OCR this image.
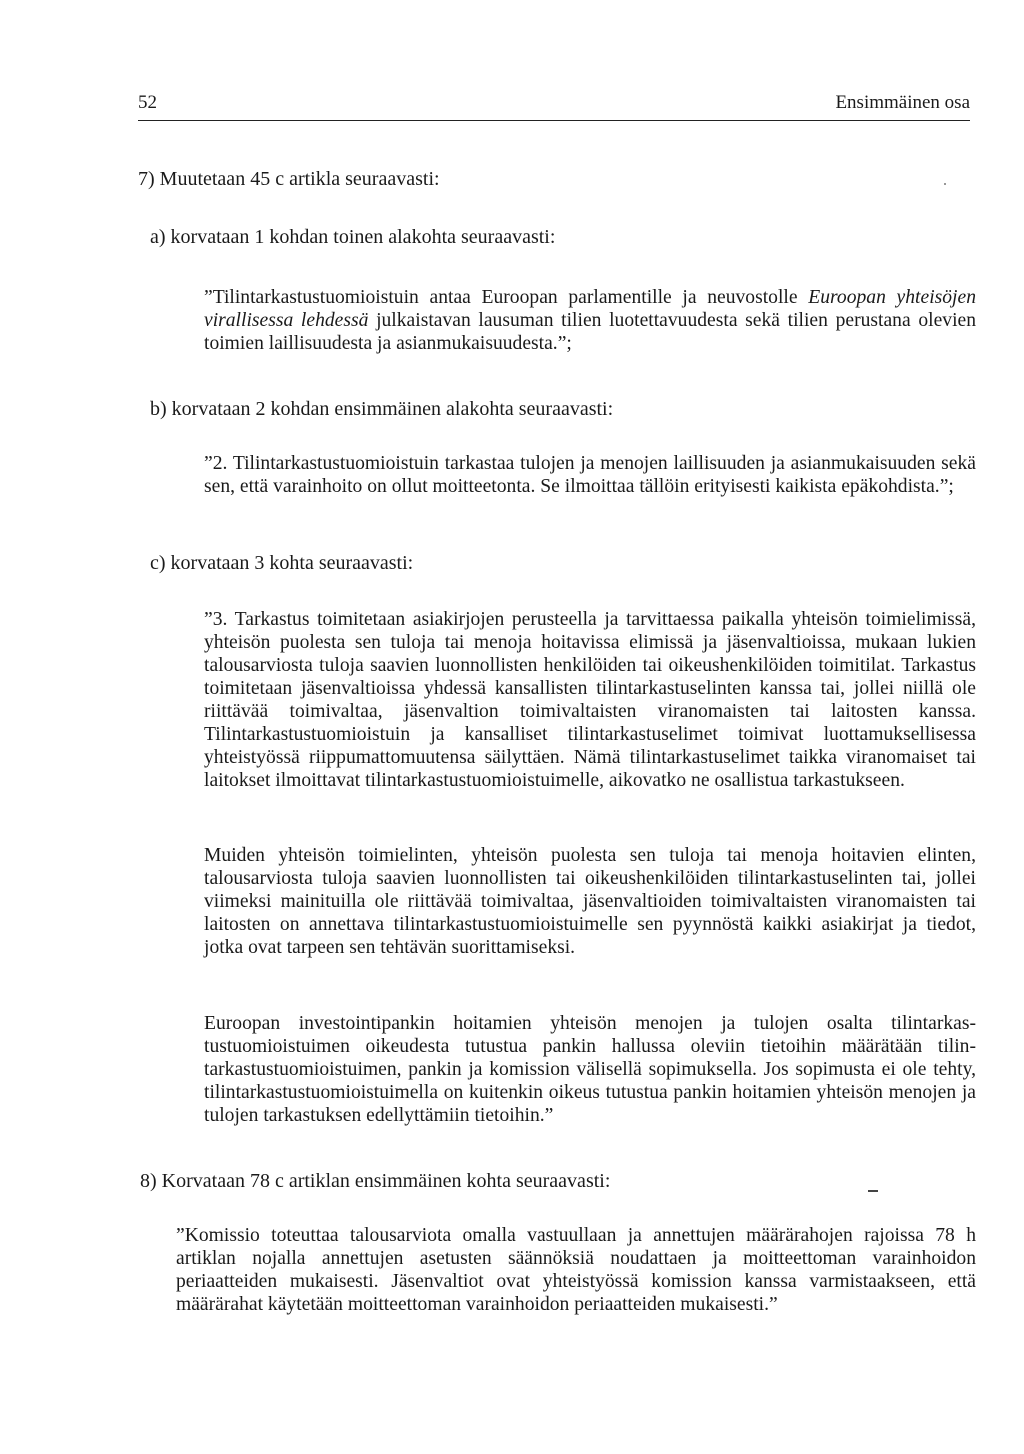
52	Ensimmäinen osa
7) Muutetaan 45 c artikla seuraavasti:
a) korvataan 1 kohdan toinen alakohta seuraavasti:
”Tilintarkastustuomioistuin antaa Euroopan parlamentille ja neuvostolle Euroopan yhteisöjen virallisessa lehdessä julkaistavan lausuman tilien luotettavuudesta sekä tilien perustana olevien toimien laillisuudesta ja asianmukaisuudesta.”;
b) korvataan 2 kohdan ensimmäinen alakohta seuraavasti:
”2. Tilintarkastustuomioistuin tarkastaa tulojen ja menojen laillisuuden ja asianmukaisuuden sekä sen, että varainhoito on ollut moitteetonta. Se ilmoittaa tällöin erityisesti kaikista epäkohdista.”;
c) korvataan 3 kohta seuraavasti:
”3. Tarkastus toimitetaan asiakirjojen perusteella ja tarvittaessa paikalla yhteisön toimielimissä, yhteisön puolesta sen tuloja tai menoja hoitavissa elimissä ja jäsenvaltioissa, mukaan lukien talousarviosta tuloja saavien luonnollisten henkilöiden tai oikeushenkilöiden toimitilat. Tarkastus toimitetaan jäsenvaltioissa yhdessä kansallisten tilintarkastuselinten kanssa tai, jollei niillä ole riittävää toimivaltaa, jäsenvaltion toimivaltaisten viranomaisten tai laitosten kanssa. Tilintarkastustuomioistuin ja kansalliset tilintarkastuselimet toimivat luottamuksellisessa yhteistyössä riippumattomuutensa säilyttäen. Nämä tilintarkastuselimet taikka viranomaiset tai laitokset ilmoittavat tilintarkastustuomioistuimelle, aikovatko ne osallistua tarkastukseen.
Muiden yhteisön toimielinten, yhteisön puolesta sen tuloja tai menoja hoitavien elinten, talousarviosta tuloja saavien luonnollisten tai oikeushenkilöiden tilintarkastuselinten tai, jollei viimeksi mainituilla ole riittävää toimivaltaa, jäsenvaltioiden toimivaltaisten viranomaisten tai laitosten on annettava tilintarkastustuomioistuimelle sen pyynnöstä kaikki asiakirjat ja tiedot, jotka ovat tarpeen sen tehtävän suorittamiseksi.
Euroopan investointipankin hoitamien yhteisön menojen ja tulojen osalta tilintarkastustuomioistuimen oikeudesta tutustua pankin hallussa oleviin tietoihin määrätään tilintarkastustuomioistuimen, pankin ja komission välisellä sopimuksella. Jos sopimusta ei ole tehty, tilintarkastustuomioistuimella on kuitenkin oikeus tutustua pankin hoitamien yhteisön menojen ja tulojen tarkastuksen edellyttämiin tietoihin.”
8) Korvataan 78 c artiklan ensimmäinen kohta seuraavasti:
”Komissio toteuttaa talousarviota omalla vastuullaan ja annettujen määrärahojen rajoissa 78 h artiklan nojalla annettujen asetusten säännöksiä noudattaen ja moitteettoman varainhoidon periaatteiden mukaisesti. Jäsenvaltiot ovat yhteistyössä komission kanssa varmistaakseen, että määrärahat käytetään moitteettoman varainhoidon periaatteiden mukaisesti.”
